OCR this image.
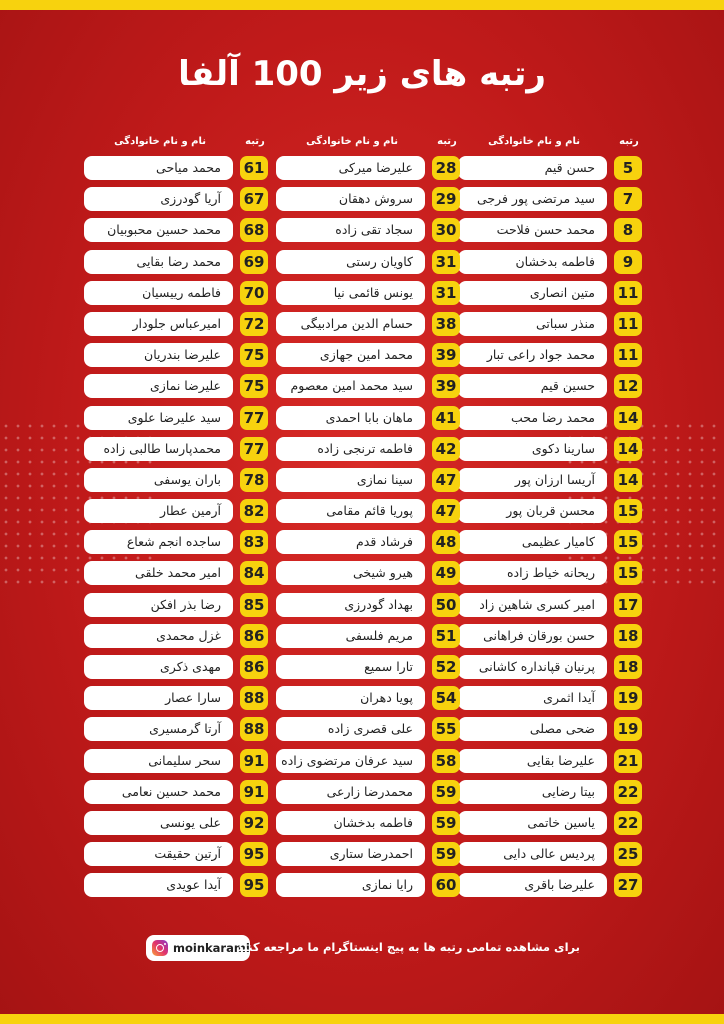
رتبه های زیر 100 آلفا
رتبه
نام و نام خانوادگی
5
حسن قیم
7
سید مرتضی پور فرجی
8
محمد حسن فلاحت
9
فاطمه بدخشان
11
متین انصاری
11
منذر سباتی
11
محمد جواد راعی تبار
12
حسین قیم
14
محمد رضا محب
14
سارینا دکوی
14
آریسا ارزان پور
15
محسن قربان پور
15
کامیار عظیمی
15
ریحانه خیاط زاده
17
امیر کسری شاهین زاد
18
حسن بورقان فراهانی
18
پرنیان قپانداره کاشانی
19
آیدا اثمری
19
ضحی مصلی
21
علیرضا بقایی
22
بیتا رضایی
22
یاسین خاتمی
25
پردیس عالی دایی
27
علیرضا باقری
رتبه
نام و نام خانوادگی
28
علیرضا میرکی
29
سروش دهقان
30
سجاد تقی زاده
31
کاویان رستی
31
یونس قائمی نیا
38
حسام الدین مرادبیگی
39
محمد امین جهازی
39
سید محمد امین معصوم
41
ماهان بابا احمدی
42
فاطمه ترنجی زاده
47
سینا نمازی
47
پوریا قائم مقامی
48
فرشاد قدم
49
هیرو شیخی
50
بهداد گودرزی
51
مریم فلسفی
52
تارا سمیع
54
پویا دهران
55
علی قصری زاده
58
سید عرفان مرتضوی زاده
59
محمدرضا زارعی
59
فاطمه بدخشان
59
احمدرضا ستاری
60
رایا نمازی
رتبه
نام و نام خانوادگی
61
محمد میاحی
67
آریا گودرزی
68
محمد حسین محبوبیان
69
محمد رضا بقایی
70
فاطمه رییسیان
72
امیرعباس جلودار
75
علیرضا بندریان
75
علیرضا نمازی
77
سید علیرضا علوی
77
محمدپارسا طالبی زاده
78
باران یوسفی
82
آرمین عطار
83
ساجده انجم شعاع
84
امیر محمد خلقی
85
رضا بذر افکن
86
غزل محمدی
86
مهدی ذکری
88
سارا عصار
88
آرتا گرمسیری
91
سحر سلیمانی
91
محمد حسین نعامی
92
علی یونسی
95
آرتین حقیقت
95
آیدا عویدی
moinkarami
برای مشاهده تمامی رتبه ها به پیج اینستاگرام ما مراجعه کنید
